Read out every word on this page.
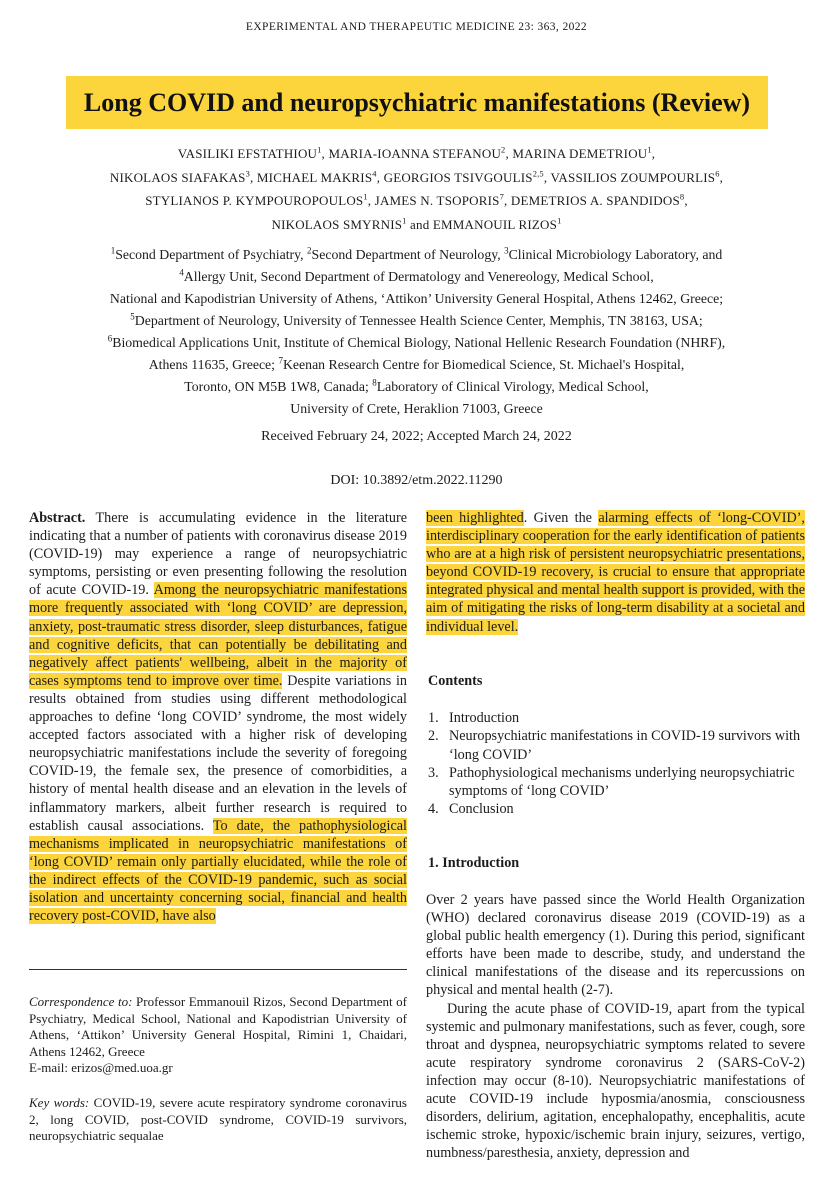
EXPERIMENTAL AND THERAPEUTIC MEDICINE 23: 363, 2022
Long COVID and neuropsychiatric manifestations (Review)
VASILIKI EFSTATHIOU$^1$, MARIA-IOANNA STEFANOU$^2$, MARINA DEMETRIOU$^1$,
NIKOLAOS SIAFAKAS$^3$, MICHAEL MAKRIS$^4$, GEORGIOS TSIVGOULIS$^{2,5}$, VASSILIOS ZOUMPOURLIS$^6$,
STYLIANOS P. KYMPOUROPOULOS$^1$, JAMES N. TSOPORIS$^7$, DEMETRIOS A. SPANDIDOS$^8$,
NIKOLAOS SMYRNIS$^1$ and EMMANOUIL RIZOS$^1$
$^1$Second Department of Psychiatry, $^2$Second Department of Neurology, $^3$Clinical Microbiology Laboratory, and
$^4$Allergy Unit, Second Department of Dermatology and Venereology, Medical School,
National and Kapodistrian University of Athens, ‘Attikon’ University General Hospital, Athens 12462, Greece;
$^5$Department of Neurology, University of Tennessee Health Science Center, Memphis, TN 38163, USA;
$^6$Biomedical Applications Unit, Institute of Chemical Biology, National Hellenic Research Foundation (NHRF),
Athens 11635, Greece; $^7$Keenan Research Centre for Biomedical Science, St. Michael's Hospital,
Toronto, ON M5B 1W8, Canada; $^8$Laboratory of Clinical Virology, Medical School,
University of Crete, Heraklion 71003, Greece
Received February 24, 2022; Accepted March 24, 2022
DOI: 10.3892/etm.2022.11290

Abstract. There is accumulating evidence in the literature indicating that a number of patients with coronavirus disease 2019 (COVID-19) may experience a range of neuropsychiatric symptoms, persisting or even presenting following the resolution of acute COVID-19. Among the neuropsychiatric manifestations more frequently associated with ‘long COVID’ are depression, anxiety, post-traumatic stress disorder, sleep disturbances, fatigue and cognitive deficits, that can potentially be debilitating and negatively affect patients' wellbeing, albeit in the majority of cases symptoms tend to improve over time. Despite variations in results obtained from studies using different methodological approaches to define ‘long COVID’ syndrome, the most widely accepted factors associated with a higher risk of developing neuropsychiatric manifestations include the severity of foregoing COVID-19, the female sex, the presence of comorbidities, a history of mental health disease and an elevation in the levels of inflammatory markers, albeit further research is required to establish causal associations. To date, the pathophysiological mechanisms implicated in neuropsychiatric manifestations of ‘long COVID’ remain only partially elucidated, while the role of the indirect effects of the COVID-19 pandemic, such as social isolation and uncertainty concerning social, financial and health recovery post-COVID, have also

Correspondence to: Professor Emmanouil Rizos, Second Department of Psychiatry, Medical School, National and Kapodistrian University of Athens, ‘Attikon’ University General Hospital, Rimini 1, Chaidari, Athens 12462, Greece

E-mail: erizos@med.uoa.gr

Key words: COVID-19, severe acute respiratory syndrome coronavirus 2, long COVID, post-COVID syndrome, COVID-19 survivors, neuropsychiatric sequalae

been highlighted. Given the alarming effects of ‘long-COVID’, interdisciplinary cooperation for the early identification of patients who are at a high risk of persistent neuropsychiatric presentations, beyond COVID-19 recovery, is crucial to ensure that appropriate integrated physical and mental health support is provided, with the aim of mitigating the risks of long-term disability at a societal and individual level.

Contents
1. Introduction
2. Neuropsychiatric manifestations in COVID-19 survivors with ‘long COVID’
3. Pathophysiological mechanisms underlying neuropsychiatric symptoms of ‘long COVID’
4. Conclusion
1. Introduction

Over 2 years have passed since the World Health Organization (WHO) declared coronavirus disease 2019 (COVID-19) as a global public health emergency (1). During this period, significant efforts have been made to describe, study, and understand the clinical manifestations of the disease and its repercussions on physical and mental health (2-7).

During the acute phase of COVID-19, apart from the typical systemic and pulmonary manifestations, such as fever, cough, sore throat and dyspnea, neuropsychiatric symptoms related to severe acute respiratory syndrome coronavirus 2 (SARS-CoV-2) infection may occur (8-10). Neuropsychiatric manifestations of acute COVID-19 include hyposmia/anosmia, consciousness disorders, delirium, agitation, encephalopathy, encephalitis, acute ischemic stroke, hypoxic/ischemic brain injury, seizures, vertigo, numbness/paresthesia, anxiety, depression and
